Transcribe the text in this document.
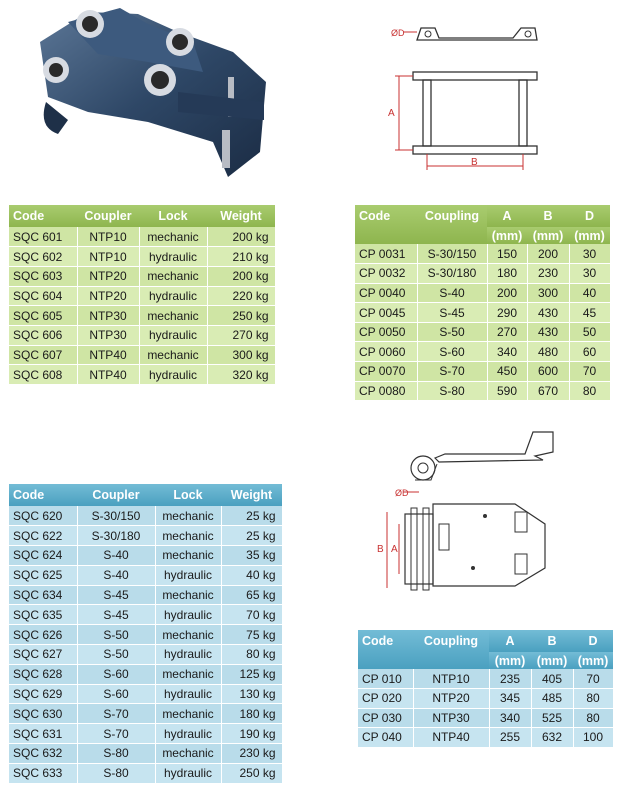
ØD
A
B
Code	Coupler	Lock	Weight
SQC 601	NTP10	mechanic	200 kg
SQC 602	NTP10	hydraulic	210 kg
SQC 603	NTP20	mechanic	200 kg
SQC 604	NTP20	hydraulic	220 kg
SQC 605	NTP30	mechanic	250 kg
SQC 606	NTP30	hydraulic	270 kg
SQC 607	NTP40	mechanic	300 kg
SQC 608	NTP40	hydraulic	320 kg
Code	Coupling	A	B	D
		(mm)	(mm)	(mm)
CP 0031	S-30/150	150	200	30
CP 0032	S-30/180	180	230	30
CP 0040	S-40	200	300	40
CP 0045	S-45	290	430	45
CP 0050	S-50	270	430	50
CP 0060	S-60	340	480	60
CP 0070	S-70	450	600	70
CP 0080	S-80	590	670	80
ØD
B A
Code	Coupler	Lock	Weight
SQC 620	S-30/150	mechanic	25 kg
SQC 622	S-30/180	mechanic	25 kg
SQC 624	S-40	mechanic	35 kg
SQC 625	S-40	hydraulic	40 kg
SQC 634	S-45	mechanic	65 kg
SQC 635	S-45	hydraulic	70 kg
SQC 626	S-50	mechanic	75 kg
SQC 627	S-50	hydraulic	80 kg
SQC 628	S-60	mechanic	125 kg
SQC 629	S-60	hydraulic	130 kg
SQC 630	S-70	mechanic	180 kg
SQC 631	S-70	hydraulic	190 kg
SQC 632	S-80	mechanic	230 kg
SQC 633	S-80	hydraulic	250 kg
Code	Coupling	A	B	D
		(mm)	(mm)	(mm)
CP 010	NTP10	235	405	70
CP 020	NTP20	345	485	80
CP 030	NTP30	340	525	80
CP 040	NTP40	255	632	100
